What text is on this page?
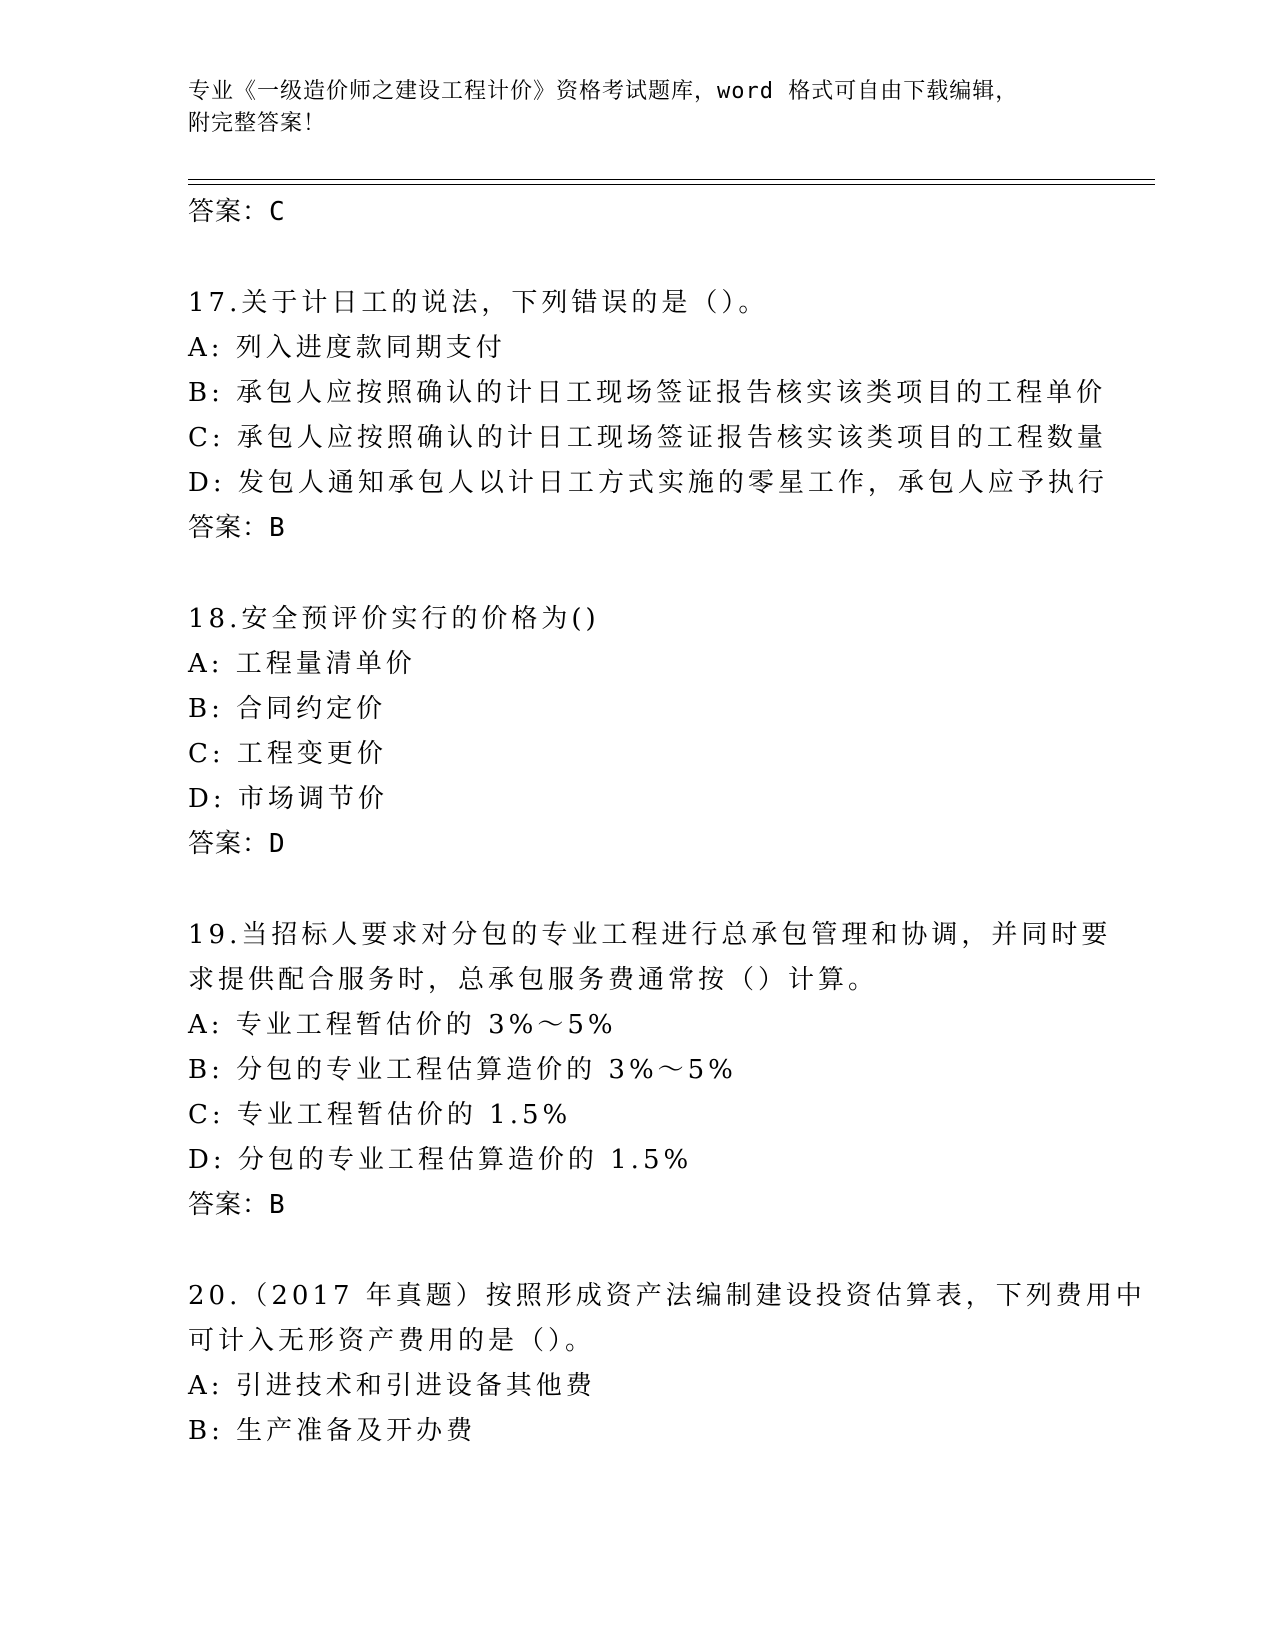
专业《一级造价师之建设工程计价》资格考试题库，word 格式可自由下载编辑，
附完整答案！
答案：C
17.关于计日工的说法，下列错误的是（）。
A: 列入进度款同期支付
B: 承包人应按照确认的计日工现场签证报告核实该类项目的工程单价
C: 承包人应按照确认的计日工现场签证报告核实该类项目的工程数量
D: 发包人通知承包人以计日工方式实施的零星工作，承包人应予执行
答案：B
18.安全预评价实行的价格为()
A: 工程量清单价
B: 合同约定价
C: 工程变更价
D: 市场调节价
答案：D
19.当招标人要求对分包的专业工程进行总承包管理和协调，并同时要
求提供配合服务时，总承包服务费通常按（）计算。
A: 专业工程暂估价的 3%～5%
B: 分包的专业工程估算造价的 3%～5%
C: 专业工程暂估价的 1.5%
D: 分包的专业工程估算造价的 1.5%
答案：B
20.（2017 年真题）按照形成资产法编制建设投资估算表，下列费用中
可计入无形资产费用的是（）。
A: 引进技术和引进设备其他费
B: 生产准备及开办费
